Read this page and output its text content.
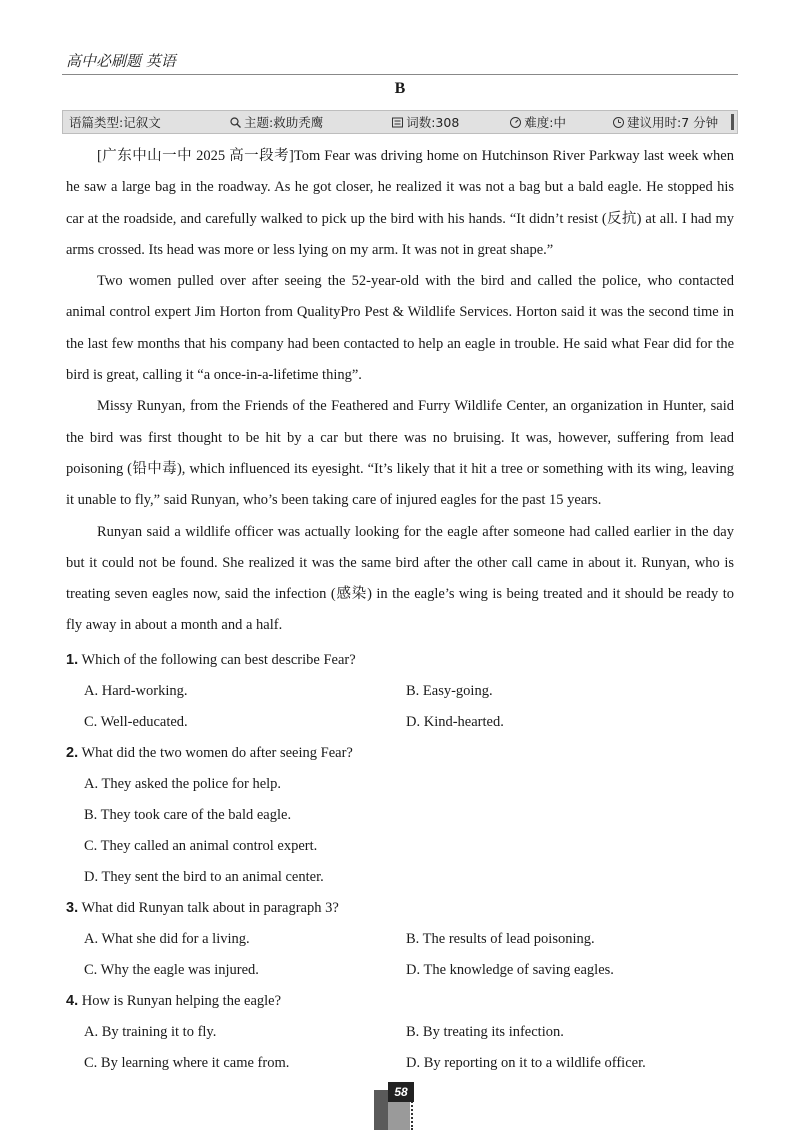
高中必刷题 英语
B
语篇类型:记叙文	主题:救助秃鹰	词数:308	难度:中	建议用时:7 分钟

[广东中山一中 2025 高一段考]Tom Fear was driving home on Hutchinson River Parkway last week when he saw a large bag in the roadway. As he got closer, he realized it was not a bag but a bald eagle. He stopped his car at the roadside, and carefully walked to pick up the bird with his hands. “It didn’t resist (反抗) at all. I had my arms crossed. Its head was more or less lying on my arm. It was not in great shape.”

Two women pulled over after seeing the 52-year-old with the bird and called the police, who contacted animal control expert Jim Horton from QualityPro Pest & Wildlife Services. Horton said it was the second time in the last few months that his company had been contacted to help an eagle in trouble. He said what Fear did for the bird is great, calling it “a once-in-a-lifetime thing”.

Missy Runyan, from the Friends of the Feathered and Furry Wildlife Center, an organization in Hunter, said the bird was first thought to be hit by a car but there was no bruising. It was, however, suffering from lead poisoning (铅中毒), which influenced its eyesight. “It’s likely that it hit a tree or something with its wing, leaving it unable to fly,” said Runyan, who’s been taking care of injured eagles for the past 15 years.

Runyan said a wildlife officer was actually looking for the eagle after someone had called earlier in the day but it could not be found. She realized it was the same bird after the other call came in about it. Runyan, who is treating seven eagles now, said the infection (感染) in the eagle’s wing is being treated and it should be ready to fly away in about a month and a half.

1. Which of the following can best describe Fear?
A. Hard-working.	B. Easy-going.
C. Well-educated.	D. Kind-hearted.
2. What did the two women do after seeing Fear?
A. They asked the police for help.
B. They took care of the bald eagle.
C. They called an animal control expert.
D. They sent the bird to an animal center.
3. What did Runyan talk about in paragraph 3?
A. What she did for a living.	B. The results of lead poisoning.
C. Why the eagle was injured.	D. The knowledge of saving eagles.
4. How is Runyan helping the eagle?
A. By training it to fly.	B. By treating its infection.
C. By learning where it came from.	D. By reporting on it to a wildlife officer.
58
